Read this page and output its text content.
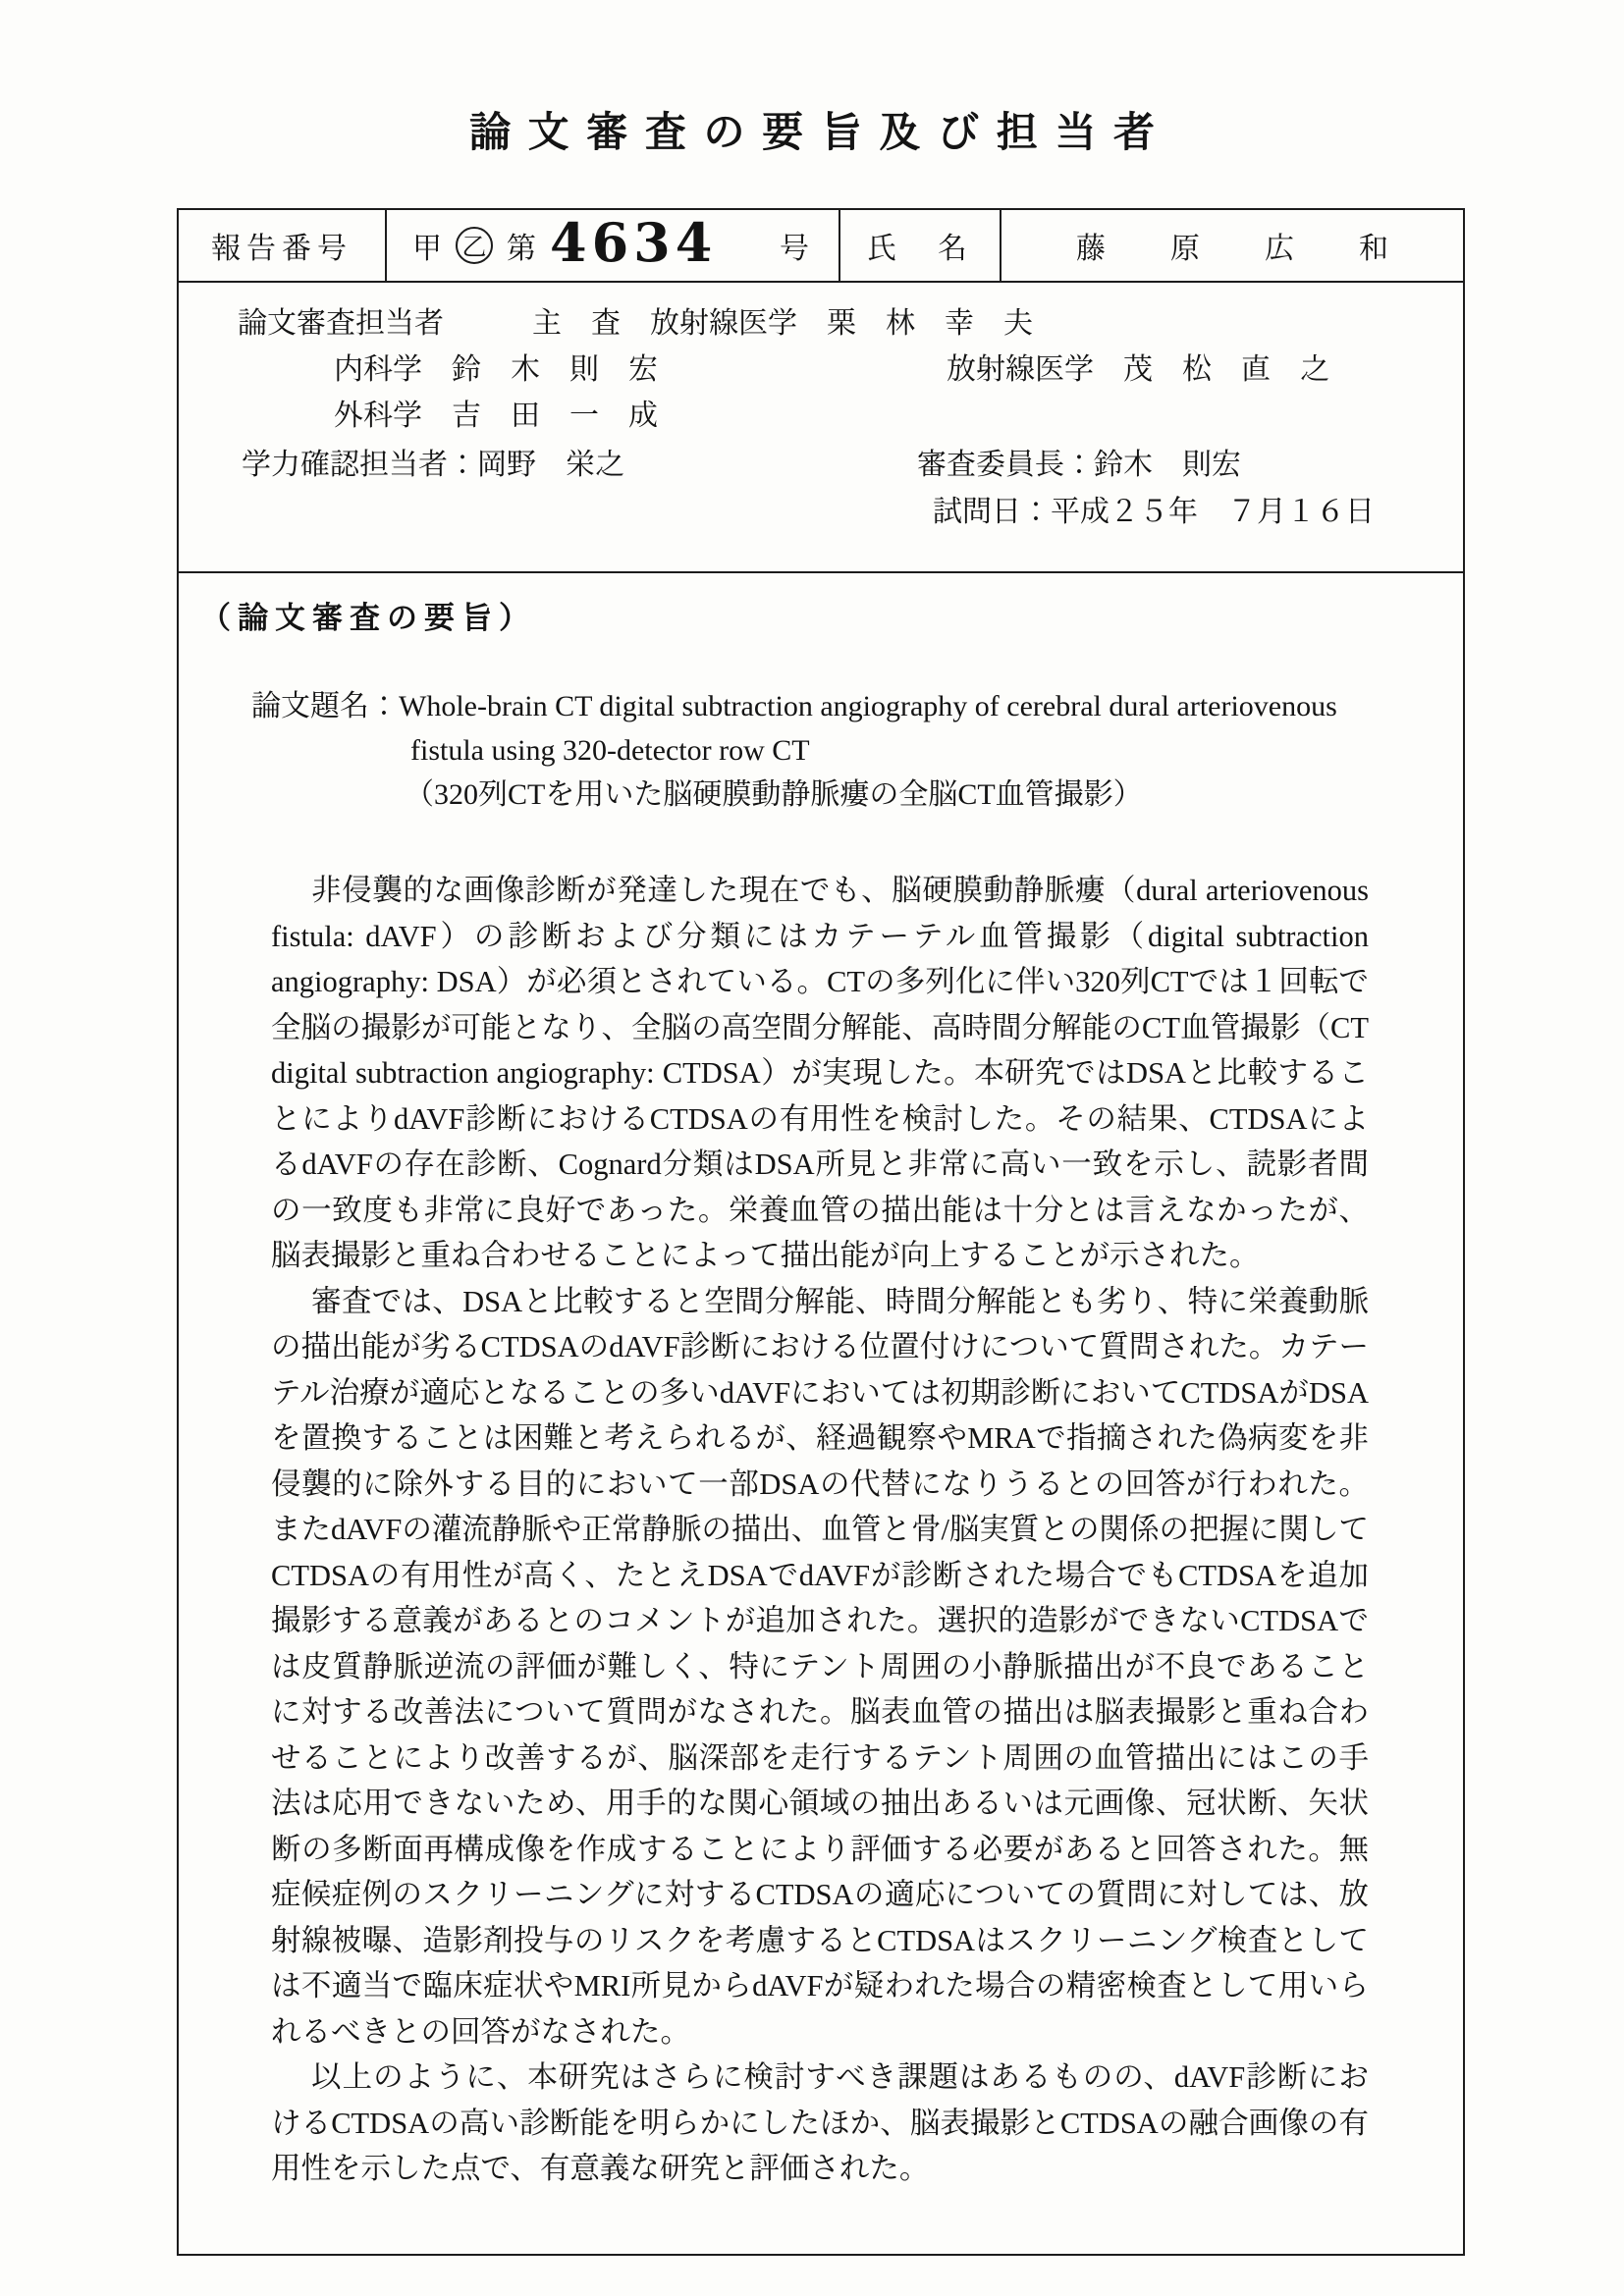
論文審査の要旨及び担当者
報告番号	甲 乙 第 4634 号	氏　名	藤　原　広　和
論文審査担当者　　　主　査　放射線医学　栗　林　幸　夫
内科学　鈴　木　則　宏	放射線医学　茂　松　直　之
外科学　吉　田　一　成
学力確認担当者：岡野　栄之	審査委員長：鈴木　則宏
試問日：平成２５年　７月１６日
（論文審査の要旨）
論文題名： Whole-brain CT digital subtraction angiography of cerebral dural arteriovenous
fistula using 320-detector row CT
（320列CTを用いた脳硬膜動静脈瘻の全脳CT血管撮影）

非侵襲的な画像診断が発達した現在でも、脳硬膜動静脈瘻（dural arteriovenous fistula: dAVF）の診断および分類にはカテーテル血管撮影（digital subtraction angiography: DSA）が必須とされている。CTの多列化に伴い320列CTでは１回転で全脳の撮影が可能となり、全脳の高空間分解能、高時間分解能のCT血管撮影（CT digital subtraction angiography: CTDSA）が実現した。本研究ではDSAと比較することによりdAVF診断におけるCTDSAの有用性を検討した。その結果、CTDSAによるdAVFの存在診断、Cognard分類はDSA所見と非常に高い一致を示し、読影者間の一致度も非常に良好であった。栄養血管の描出能は十分とは言えなかったが、脳表撮影と重ね合わせることによって描出能が向上することが示された。

審査では、DSAと比較すると空間分解能、時間分解能とも劣り、特に栄養動脈の描出能が劣るCTDSAのdAVF診断における位置付けについて質問された。カテーテル治療が適応となることの多いdAVFにおいては初期診断においてCTDSAがDSAを置換することは困難と考えられるが、経過観察やMRAで指摘された偽病変を非侵襲的に除外する目的において一部DSAの代替になりうるとの回答が行われた。またdAVFの灌流静脈や正常静脈の描出、血管と骨/脳実質との関係の把握に関してCTDSAの有用性が高く、たとえDSAでdAVFが診断された場合でもCTDSAを追加撮影する意義があるとのコメントが追加された。選択的造影ができないCTDSAでは皮質静脈逆流の評価が難しく、特にテント周囲の小静脈描出が不良であることに対する改善法について質問がなされた。脳表血管の描出は脳表撮影と重ね合わせることにより改善するが、脳深部を走行するテント周囲の血管描出にはこの手法は応用できないため、用手的な関心領域の抽出あるいは元画像、冠状断、矢状断の多断面再構成像を作成することにより評価する必要があると回答された。無症候症例のスクリーニングに対するCTDSAの適応についての質問に対しては、放射線被曝、造影剤投与のリスクを考慮するとCTDSAはスクリーニング検査としては不適当で臨床症状やMRI所見からdAVFが疑われた場合の精密検査として用いられるべきとの回答がなされた。

以上のように、本研究はさらに検討すべき課題はあるものの、dAVF診断におけるCTDSAの高い診断能を明らかにしたほか、脳表撮影とCTDSAの融合画像の有用性を示した点で、有意義な研究と評価された。
